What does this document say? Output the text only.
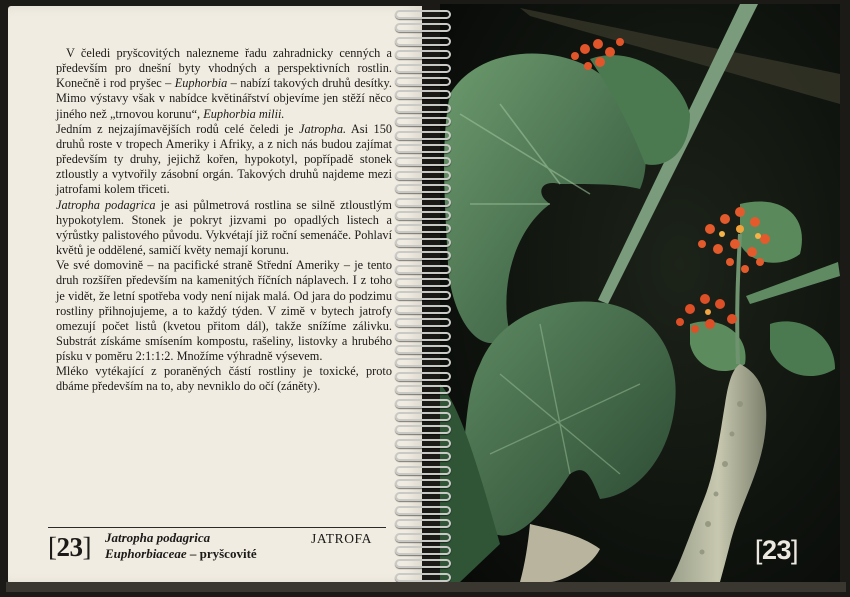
V čeledi pryšcovitých nalezneme řadu zahradnicky cenných a především pro dnešní byty vhodných a perspektivních rostlin. Konečně i rod pryšec – Euphorbia – nabízí takových druhů desítky. Mimo výstavy však v nabídce květinářství objevíme jen stěží něco jiného než „trnovou korunu“, Euphorbia milii.

Jedním z nejzajímavějších rodů celé čeledi je Jatropha. Asi 150 druhů roste v tropech Ameriky i Afriky, a z nich nás budou zajímat především ty druhy, jejichž kořen, hypokotyl, popřípadě stonek ztloustly a vytvořily zásobní orgán. Takových druhů najdeme mezi jatrofami kolem třiceti.

Jatropha podagrica je asi půlmetrová rostlina se silně ztloustlým hypokotylem. Stonek je pokryt jizvami po opadlých listech a výrůstky palistového původu. Vykvétají již roční semenáče. Pohlaví květů je oddělené, samičí květy nemají korunu.

Ve své domovině – na pacifické straně Střední Ameriky – je tento druh rozšířen především na kamenitých říčních náplavech. I z toho je vidět, že letní spotřeba vody není nijak malá. Od jara do podzimu rostliny přihnojujeme, a to každý týden. V zimě v bytech jatrofy omezují počet listů (kvetou přitom dál), takže snížíme zálivku. Substrát získáme smísením kompostu, rašeliny, listovky a hrubého písku v poměru 2:1:1:2. Množíme výhradně výsevem.

Mléko vytékající z poraněných částí rostliny je toxické, proto dbáme především na to, aby nevniklo do očí (záněty).

[23] Jatropha podagrica
Euphorbiaceae – pryšcovité
JATROFA	[23]
